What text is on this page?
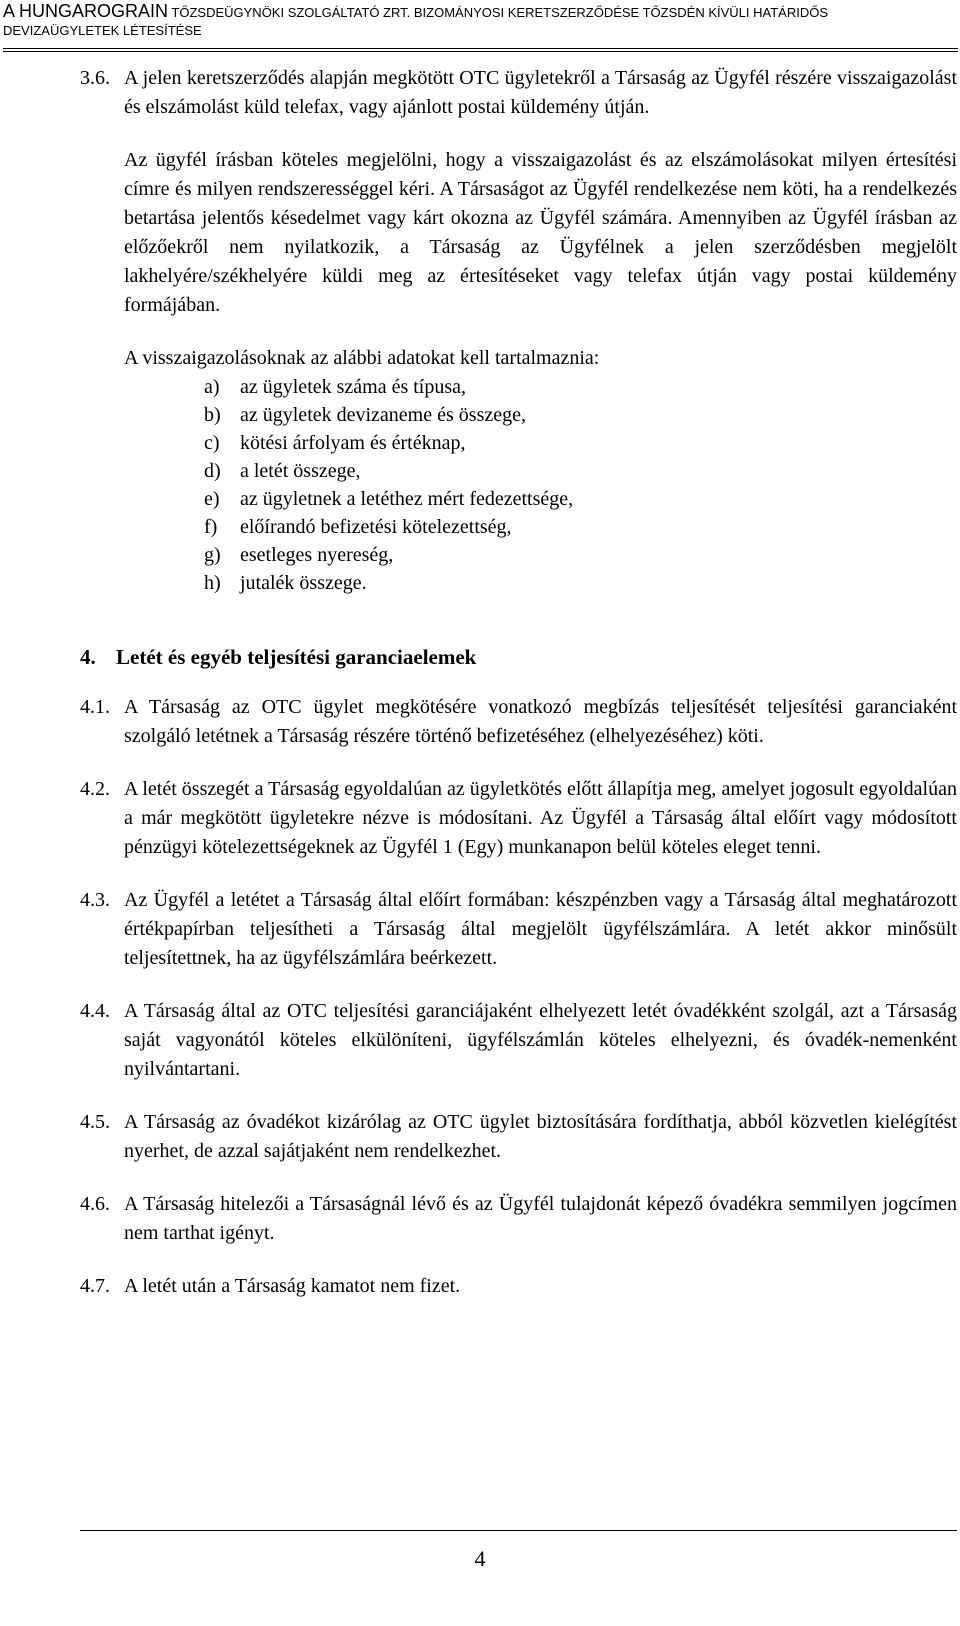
A HUNGAROGRAIN TŐZSDEÜGYNÖKI SZOLGÁLTATÓ ZRT. BIZOMÁNYOSI KERETSZERZŐDÉSE TŐZSDÉN KÍVÜLI HATÁRIDŐS
DEVIZAÜGYLETEK LÉTESÍTÉSE
3.6. A jelen keretszerződés alapján megkötött OTC ügyletekről a Társaság az Ügyfél részére visszaigazolást és elszámolást küld telefax, vagy ajánlott postai küldemény útján.
Az ügyfél írásban köteles megjelölni, hogy a visszaigazolást és az elszámolásokat milyen értesítési címre és milyen rendszerességgel kéri. A Társaságot az Ügyfél rendelkezése nem köti, ha a rendelkezés betartása jelentős késedelmet vagy kárt okozna az Ügyfél számára. Amennyiben az Ügyfél írásban az előzőekről nem nyilatkozik, a Társaság az Ügyfélnek a jelen szerződésben megjelölt lakhelyére/székhelyére küldi meg az értesítéseket vagy telefax útján vagy postai küldemény formájában.
A visszaigazolásoknak az alábbi adatokat kell tartalmaznia:
a)	az ügyletek száma és típusa,
b) az ügyletek devizaneme és összege,
c)	kötési árfolyam és értéknap,
d) a letét összege,
e)	az ügyletnek a letéthez mért fedezettsége,
f)	előírandó befizetési kötelezettség,
g) esetleges nyereség,
h) jutalék összege.
4. Letét és egyéb teljesítési garanciaelemek
4.1. A Társaság az OTC ügylet megkötésére vonatkozó megbízás teljesítését teljesítési garanciaként szolgáló letétnek a Társaság részére történő befizetéséhez (elhelyezéséhez) köti.
4.2. A letét összegét a Társaság egyoldalúan az ügyletkötés előtt állapítja meg, amelyet jogosult egyoldalúan a már megkötött ügyletekre nézve is módosítani. Az Ügyfél a Társaság által előírt vagy módosított pénzügyi kötelezettségeknek az Ügyfél 1 (Egy) munkanapon belül köteles eleget tenni.
4.3. Az Ügyfél a letétet a Társaság által előírt formában: készpénzben vagy a Társaság által meghatározott értékpapírban teljesítheti a Társaság által megjelölt ügyfélszámlára. A letét akkor minősült teljesítettnek, ha az ügyfélszámlára beérkezett.
4.4. A Társaság által az OTC teljesítési garanciájaként elhelyezett letét óvadékként szolgál, azt a Társaság saját vagyonától köteles elkülöníteni, ügyfélszámlán köteles elhelyezni, és óvadék-nemenként nyilvántartani.
4.5. A Társaság az óvadékot kizárólag az OTC ügylet biztosítására fordíthatja, abból közvetlen kielégítést nyerhet, de azzal sajátjaként nem rendelkezhet.
4.6. A Társaság hitelezői a Társaságnál lévő és az Ügyfél tulajdonát képező óvadékra semmilyen jogcímen nem tarthat igényt.
4.7. A letét után a Társaság kamatot nem fizet.
4
